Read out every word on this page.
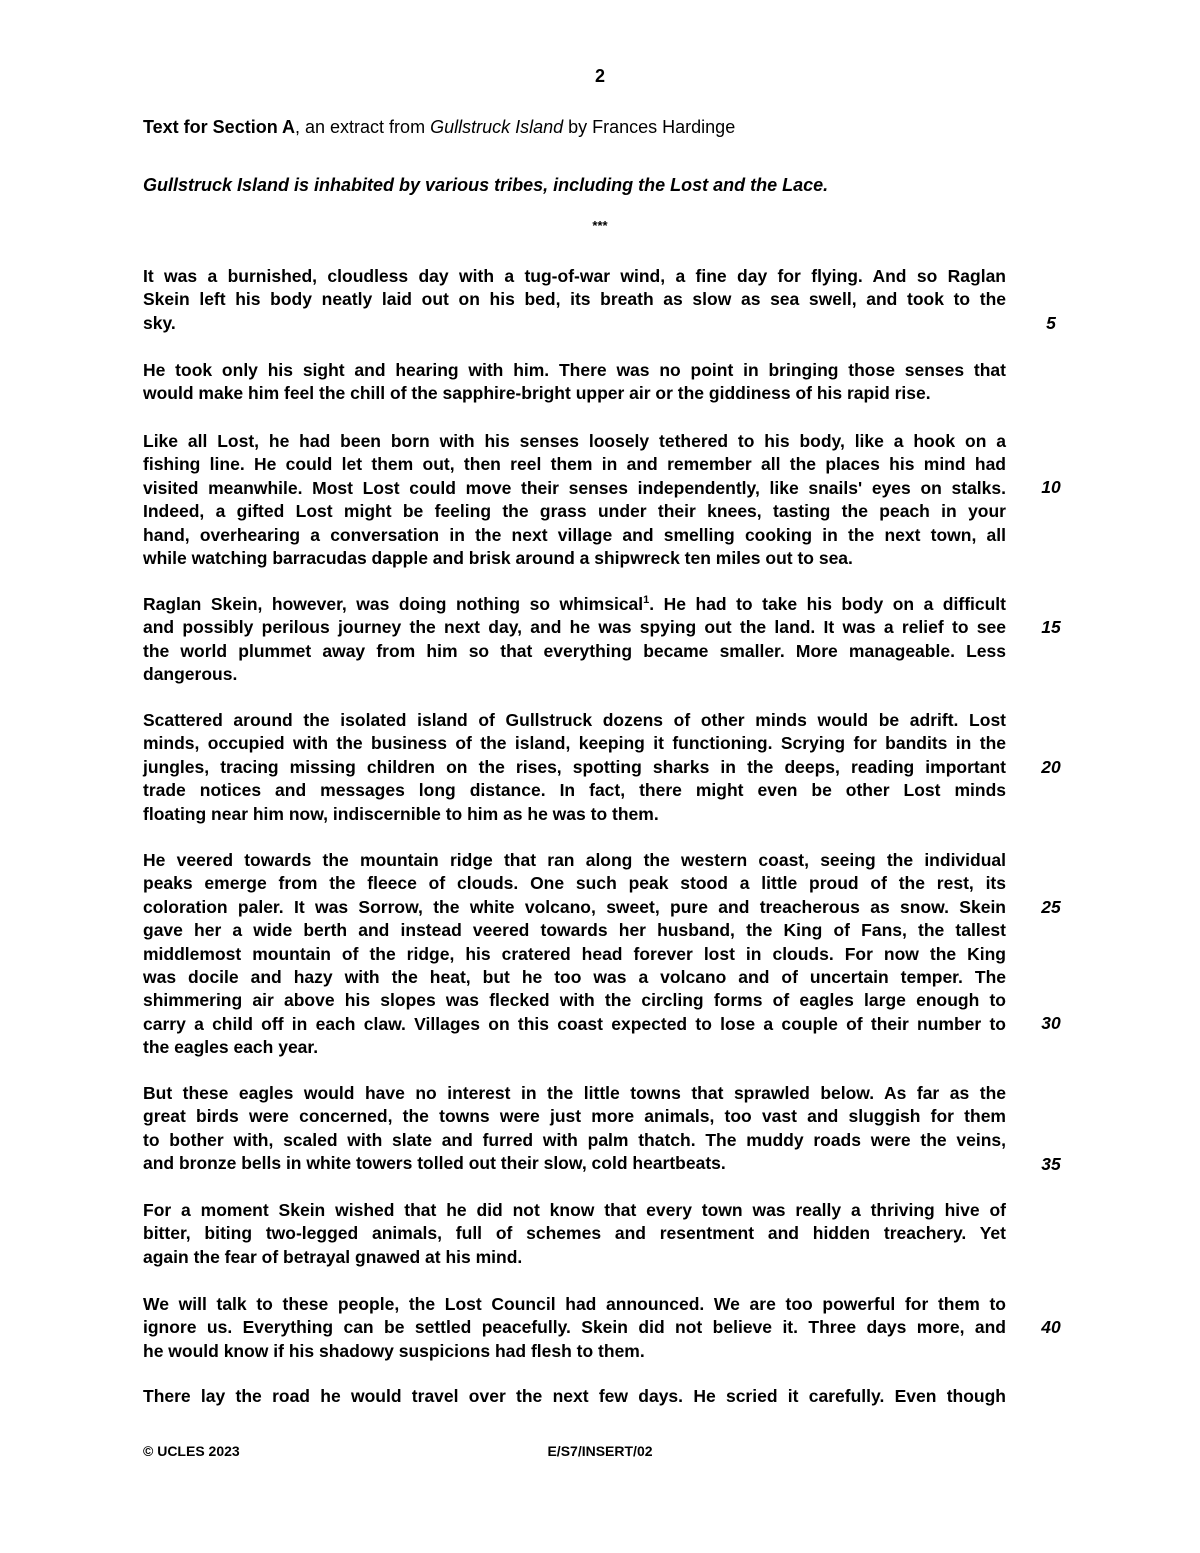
2
Text for Section A, an extract from Gullstruck Island by Frances Hardinge
Gullstruck Island is inhabited by various tribes, including the Lost and the Lace.
***
It was a burnished, cloudless day with a tug-of-war wind, a fine day for flying. And so Raglan
Skein left his body neatly laid out on his bed, its breath as slow as sea swell, and took to the
sky.
He took only his sight and hearing with him. There was no point in bringing those senses that
would make him feel the chill of the sapphire-bright upper air or the giddiness of his rapid rise.
Like all Lost, he had been born with his senses loosely tethered to his body, like a hook on a
fishing line. He could let them out, then reel them in and remember all the places his mind had
visited meanwhile. Most Lost could move their senses independently, like snails' eyes on stalks.
Indeed, a gifted Lost might be feeling the grass under their knees, tasting the peach in your
hand, overhearing a conversation in the next village and smelling cooking in the next town, all
while watching barracudas dapple and brisk around a shipwreck ten miles out to sea.
Raglan Skein, however, was doing nothing so whimsical$^1$. He had to take his body on a difficult
and possibly perilous journey the next day, and he was spying out the land. It was a relief to see
the world plummet away from him so that everything became smaller. More manageable. Less
dangerous.
Scattered around the isolated island of Gullstruck dozens of other minds would be adrift. Lost
minds, occupied with the business of the island, keeping it functioning. Scrying for bandits in the
jungles, tracing missing children on the rises, spotting sharks in the deeps, reading important
trade notices and messages long distance. In fact, there might even be other Lost minds
floating near him now, indiscernible to him as he was to them.
He veered towards the mountain ridge that ran along the western coast, seeing the individual
peaks emerge from the fleece of clouds. One such peak stood a little proud of the rest, its
coloration paler. It was Sorrow, the white volcano, sweet, pure and treacherous as snow. Skein
gave her a wide berth and instead veered towards her husband, the King of Fans, the tallest
middlemost mountain of the ridge, his cratered head forever lost in clouds. For now the King
was docile and hazy with the heat, but he too was a volcano and of uncertain temper. The
shimmering air above his slopes was flecked with the circling forms of eagles large enough to
carry a child off in each claw. Villages on this coast expected to lose a couple of their number to
the eagles each year.
But these eagles would have no interest in the little towns that sprawled below. As far as the
great birds were concerned, the towns were just more animals, too vast and sluggish for them
to bother with, scaled with slate and furred with palm thatch. The muddy roads were the veins,
and bronze bells in white towers tolled out their slow, cold heartbeats.
For a moment Skein wished that he did not know that every town was really a thriving hive of
bitter, biting two-legged animals, full of schemes and resentment and hidden treachery. Yet
again the fear of betrayal gnawed at his mind.
We will talk to these people, the Lost Council had announced. We are too powerful for them to
ignore us. Everything can be settled peacefully. Skein did not believe it. Three days more, and
he would know if his shadowy suspicions had flesh to them.
There lay the road he would travel over the next few days. He scried it carefully. Even though
5
10
15
20
25
30
35
40
© UCLES 2023	E/S7/INSERT/02
